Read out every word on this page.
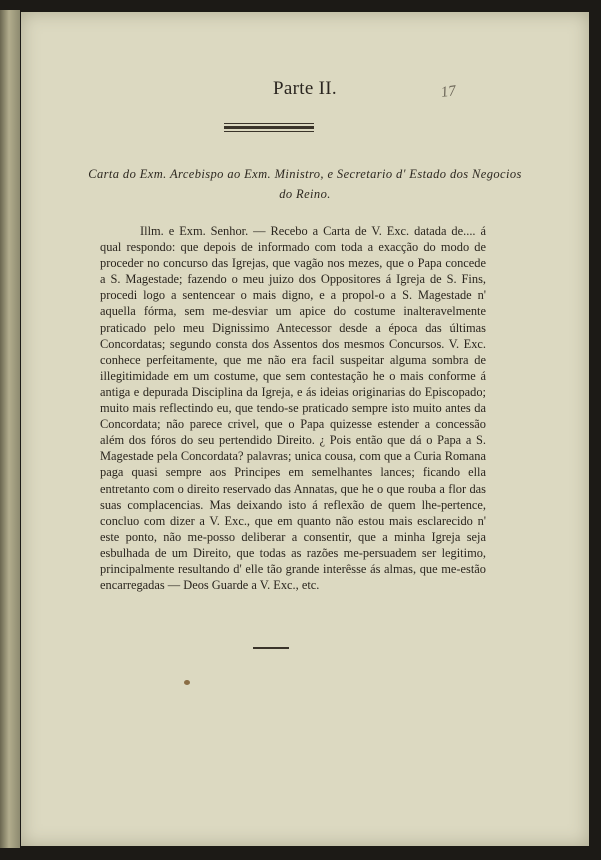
Parte II.	17
Carta do Exm. Arcebispo ao Exm. Ministro, e Secretario d' Estado dos Negocios do Reino.
Illm. e Exm. Senhor. — Recebo a Carta de V. Exc. datada de.... á qual respondo: que depois de informado com toda a exacção do modo de proceder no concurso das Igrejas, que vagão nos mezes, que o Papa concede a S. Magestade; fazendo o meu juizo dos Oppositores á Igreja de S. Fins, procedi logo a sentencear o mais digno, e a propol-o a S. Magestade n' aquella fórma, sem me-desviar um apice do costume inalteravelmente praticado pelo meu Dignissimo Antecessor desde a época das últimas Concordatas; segundo consta dos Assentos dos mesmos Concursos. V. Exc. conhece perfeitamente, que me não era facil suspeitar alguma sombra de illegitimidade em um costume, que sem contestação he o mais conforme á antiga e depurada Disciplina da Igreja, e ás ideias originarias do Episcopado; muito mais reflectindo eu, que tendo-se praticado sempre isto muito antes da Concordata; não parece crivel, que o Papa quizesse estender a concessão além dos fóros do seu pertendido Direito. ¿ Pois então que dá o Papa a S. Magestade pela Concordata? palavras; unica cousa, com que a Curia Romana paga quasi sempre aos Principes em semelhantes lances; ficando ella entretanto com o direito reservado das Annatas, que he o que rouba a flor das suas complacencias. Mas deixando isto á reflexão de quem lhe-pertence, concluo com dizer a V. Exc., que em quanto não estou mais esclarecido n' este ponto, não me-posso deliberar a consentir, que a minha Igreja seja esbulhada de um Direito, que todas as razões me-persuadem ser legitimo, principalmente resultando d' elle tão grande interêsse ás almas, que me-estão encarregadas — Deos Guarde a V. Exc., etc.
